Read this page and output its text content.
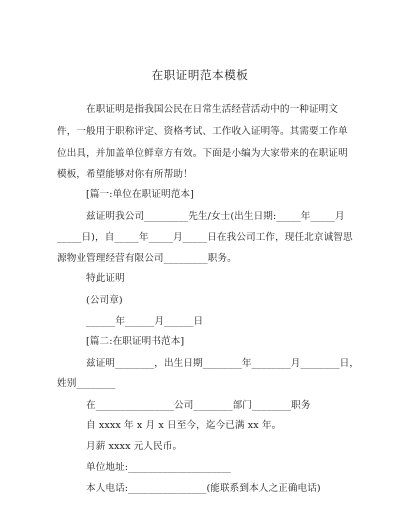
在职证明范本模板
在职证明是指我国公民在日常生活经营活动中的一种证明文
件，一般用于职称评定、资格考试、工作收入证明等。其需要工作单
位出具，并加盖单位鲜章方有效。下面是小编为大家带来的在职证明
模板，希望能够对你有所帮助！
[篇一:单位在职证明范本]
兹证明我公司_________先生/女士(出生日期:_____年_____月
_____日)，自_____年_____月_____日在我公司工作，现任北京诚智思
源物业管理经营有限公司_________职务。
特此证明
(公司章)
______年______月______日
[篇二:在职证明书范本]
兹证明________，出生日期________年________月________日，
姓别________
在________________公司________部门________职务
自 xxxx 年 x 月 x 日至今，迄今已满 xx 年。
月薪 xxxx 元人民币。
单位地址:_____________________
本人电话:________________(能联系到本人之正确电话)
